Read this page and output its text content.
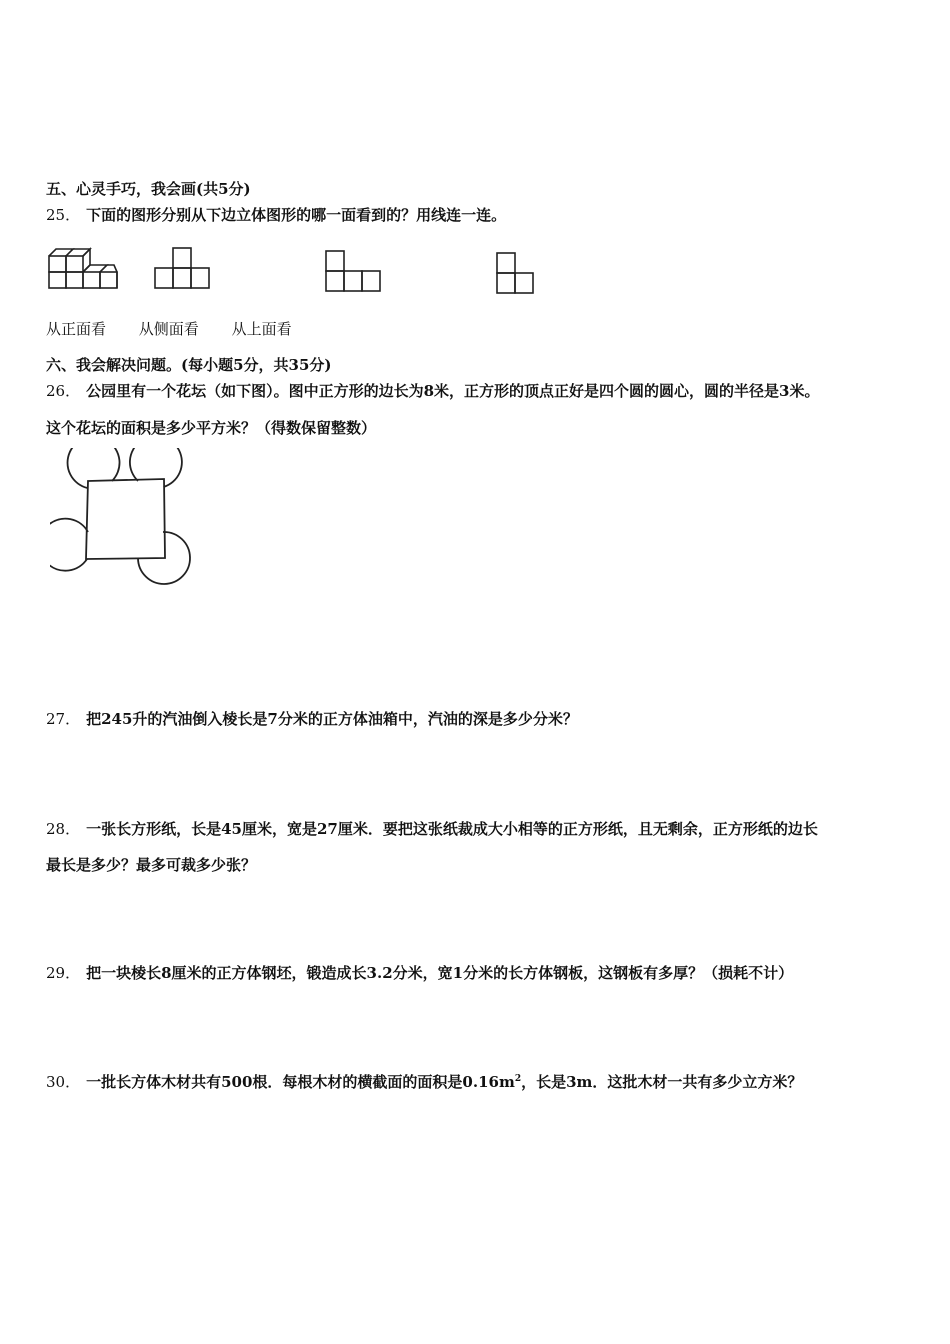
五、心灵手巧，我会画(共5分)
25． 下面的图形分别从下边立体图形的哪一面看到的？用线连一连。
从正面看 从侧面看 从上面看
六、我会解决问题。(每小题5分，共35分)
26． 公园里有一个花坛（如下图）。图中正方形的边长为8米，正方形的顶点正好是四个圆的圆心，圆的半径是3米。
这个花坛的面积是多少平方米？（得数保留整数）
27． 把245升的汽油倒入棱长是7分米的正方体油箱中，汽油的深是多少分米？
28． 一张长方形纸，长是45厘米，宽是27厘米．要把这张纸裁成大小相等的正方形纸，且无剩余，正方形纸的边长
最长是多少？最多可裁多少张？
29． 把一块棱长8厘米的正方体钢坯，锻造成长3.2分米，宽1分米的长方体钢板，这钢板有多厚？（损耗不计）
30． 一批长方体木材共有500根．每根木材的横截面的面积是$0.16m^2$，长是3m．这批木材一共有多少立方米？
